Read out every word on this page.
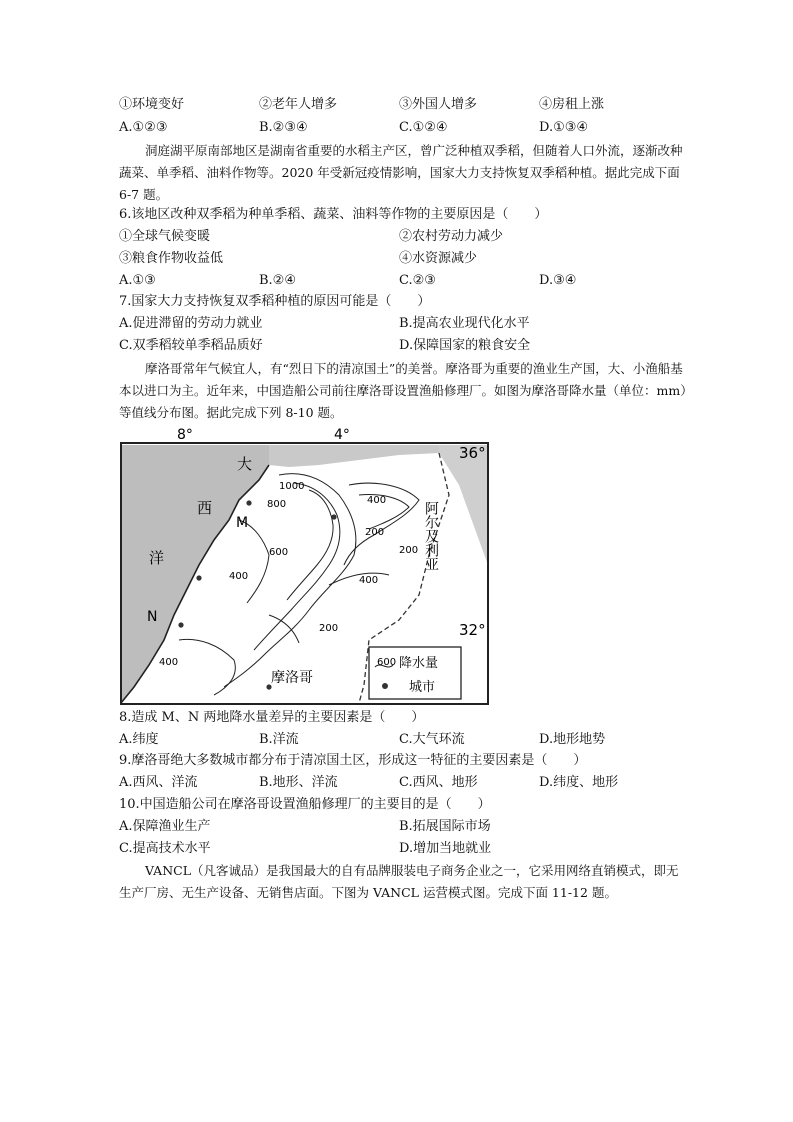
①环境变好	②老年人增多	③外国人增多	④房租上涨
A.①②③	B.②③④	C.①②④	D.①③④
洞庭湖平原南部地区是湖南省重要的水稻主产区，曾广泛种植双季稻，但随着人口外流，逐渐改种蔬菜、单季稻、油料作物等。2020 年受新冠疫情影响，国家大力支持恢复双季稻种植。据此完成下面 6-7 题。
6.该地区改种双季稻为种单季稻、蔬菜、油料等作物的主要原因是（　　）
①全球气候变暖	②农村劳动力减少
③粮食作物收益低	④水资源减少
A.①③	B.②④	C.②③	D.③④
7.国家大力支持恢复双季稻种植的原因可能是（　　）
A.促进滞留的劳动力就业	B.提高农业现代化水平
C.双季稻较单季稻品质好	D.保障国家的粮食安全
摩洛哥常年气候宜人，有“烈日下的清凉国土”的美誉。摩洛哥为重要的渔业生产国，大、小渔船基本以进口为主。近年来，中国造船公司前往摩洛哥设置渔船修理厂。如图为摩洛哥降水量（单位：mm）等值线分布图。据此完成下列 8-10 题。
8°	4°
36°
32°
大
西
洋
M
N
阿尔及利亚
摩洛哥
1000
800
600
400
200
400	400
200
400
200
600 降水量
城市
8.造成 M、N 两地降水量差异的主要因素是（　　）
A.纬度	B.洋流	C.大气环流	D.地形地势
9.摩洛哥绝大多数城市都分布于清凉国土区，形成这一特征的主要因素是（　　）
A.西风、洋流	B.地形、洋流	C.西风、地形	D.纬度、地形
10.中国造船公司在摩洛哥设置渔船修理厂的主要目的是（　　）
A.保障渔业生产	B.拓展国际市场
C.提高技术水平	D.增加当地就业
VANCL（凡客诚品）是我国最大的自有品牌服装电子商务企业之一，它采用网络直销模式，即无生产厂房、无生产设备、无销售店面。下图为 VANCL 运营模式图。完成下面 11-12 题。
